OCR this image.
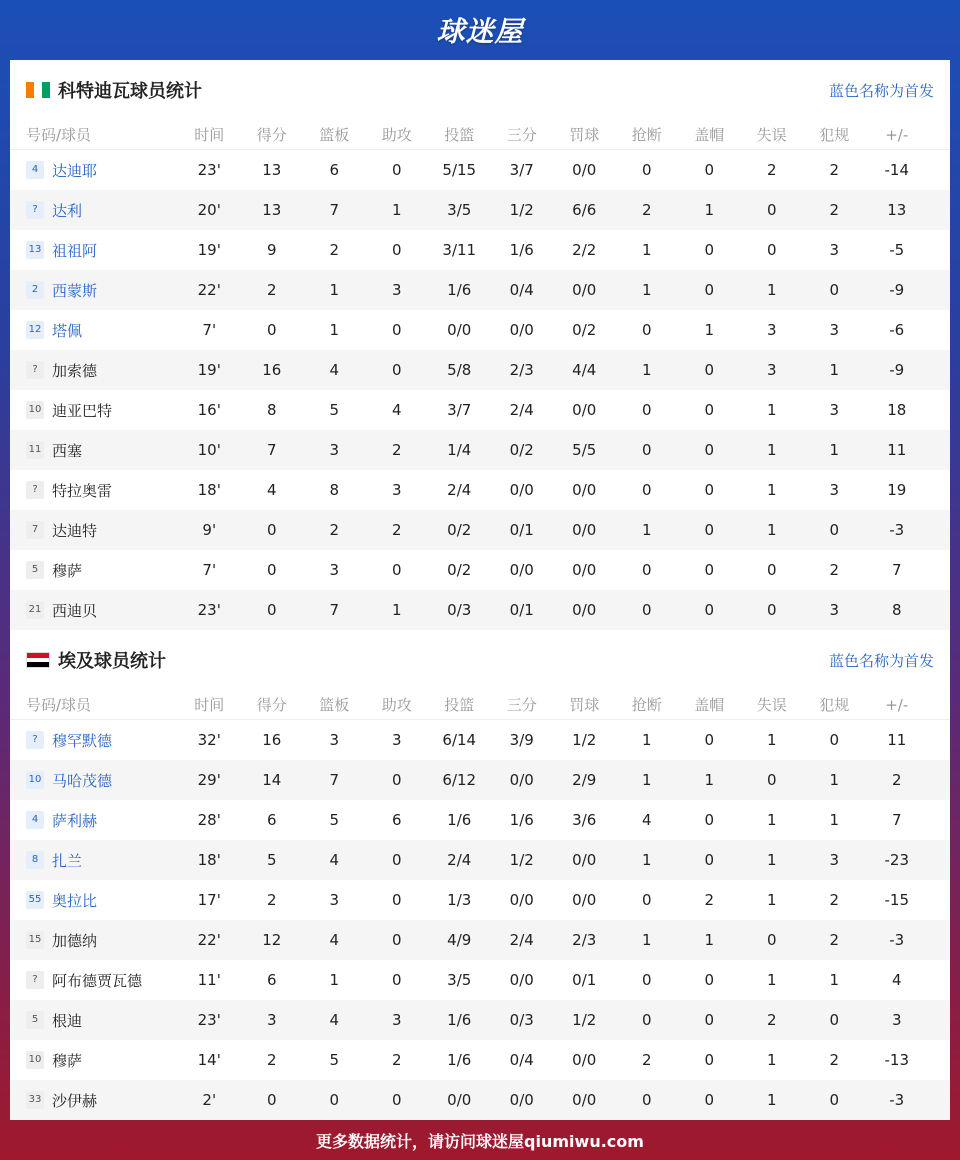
球迷屋
科特迪瓦球员统计	蓝色名称为首发
号码/球员	时间	得分	篮板	助攻	投篮	三分	罚球	抢断	盖帽	失误	犯规	+/-
4 达迪耶	23'	13	6	0	5/15	3/7	0/0	0	0	2	2	-14
? 达利	20'	13	7	1	3/5	1/2	6/6	2	1	0	2	13
13 祖祖阿	19'	9	2	0	3/11	1/6	2/2	1	0	0	3	-5
2 西蒙斯	22'	2	1	3	1/6	0/4	0/0	1	0	1	0	-9
12 塔佩	7'	0	1	0	0/0	0/0	0/2	0	1	3	3	-6
? 加索德	19'	16	4	0	5/8	2/3	4/4	1	0	3	1	-9
10 迪亚巴特	16'	8	5	4	3/7	2/4	0/0	0	0	1	3	18
11 西塞	10'	7	3	2	1/4	0/2	5/5	0	0	1	1	11
? 特拉奥雷	18'	4	8	3	2/4	0/0	0/0	0	0	1	3	19
7 达迪特	9'	0	2	2	0/2	0/1	0/0	1	0	1	0	-3
5 穆萨	7'	0	3	0	0/2	0/0	0/0	0	0	0	2	7
21 西迪贝	23'	0	7	1	0/3	0/1	0/0	0	0	0	3	8
埃及球员统计	蓝色名称为首发
号码/球员	时间	得分	篮板	助攻	投篮	三分	罚球	抢断	盖帽	失误	犯规	+/-
? 穆罕默德	32'	16	3	3	6/14	3/9	1/2	1	0	1	0	11
10 马哈茂德	29'	14	7	0	6/12	0/0	2/9	1	1	0	1	2
4 萨利赫	28'	6	5	6	1/6	1/6	3/6	4	0	1	1	7
8 扎兰	18'	5	4	0	2/4	1/2	0/0	1	0	1	3	-23
55 奥拉比	17'	2	3	0	1/3	0/0	0/0	0	2	1	2	-15
15 加德纳	22'	12	4	0	4/9	2/4	2/3	1	1	0	2	-3
? 阿布德贾瓦德	11'	6	1	0	3/5	0/0	0/1	0	0	1	1	4
5 根迪	23'	3	4	3	1/6	0/3	1/2	0	0	2	0	3
10 穆萨	14'	2	5	2	1/6	0/4	0/0	2	0	1	2	-13
33 沙伊赫	2'	0	0	0	0/0	0/0	0/0	0	0	1	0	-3
更多数据统计，请访问球迷屋qiumiwu.com
